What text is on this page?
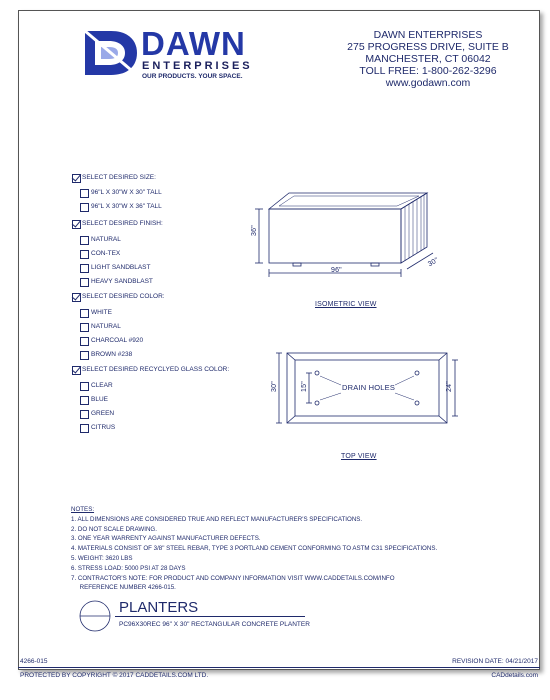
DAWN
ENTERPRISES
OUR PRODUCTS. YOUR SPACE.
DAWN ENTERPRISES
275 PROGRESS DRIVE, SUITE B
MANCHESTER, CT 06042
TOLL FREE: 1-800-262-3296
www.godawn.com
SELECT DESIRED SIZE:
96"L X 30"W X 30" TALL
96"L X 30"W X 36" TALL
SELECT DESIRED FINISH:
NATURAL
CON-TEX
LIGHT SANDBLAST
HEAVY SANDBLAST
SELECT DESIRED COLOR:
WHITE
NATURAL
CHARCOAL #920
BROWN #238
SELECT DESIRED RECYCLYED GLASS COLOR:
CLEAR
BLUE
GREEN
CITRUS
36"
96"
30"
ISOMETRIC VIEW
30"	15"	24"
DRAIN HOLES
TOP VIEW
NOTES:
1. ALL DIMENSIONS ARE CONSIDERED TRUE AND REFLECT MANUFACTURER'S SPECIFICATIONS.
2. DO NOT SCALE DRAWING.
3. ONE YEAR WARRENTY AGAINST MANUFACTURER DEFECTS.
4. MATERIALS CONSIST OF 3/8" STEEL REBAR, TYPE 3 PORTLAND CEMENT CONFORMING TO ASTM C31 SPECIFICATIONS.
5. WEIGHT: 3620 LBS
6. STRESS LOAD: 5000 PSI AT 28 DAYS
7. CONTRACTOR'S NOTE: FOR PRODUCT AND COMPANY INFORMATION VISIT WWW.CADDETAILS.COM/INFO
REFERENCE NUMBER 4266-015.
PLANTERS
PC96X30REC 96" X 30" RECTANGULAR CONCRETE PLANTER
4266-015	REVISION DATE: 04/21/2017
PROTECTED BY COPYRIGHT © 2017 CADDETAILS.COM LTD.	CADdetails.com
